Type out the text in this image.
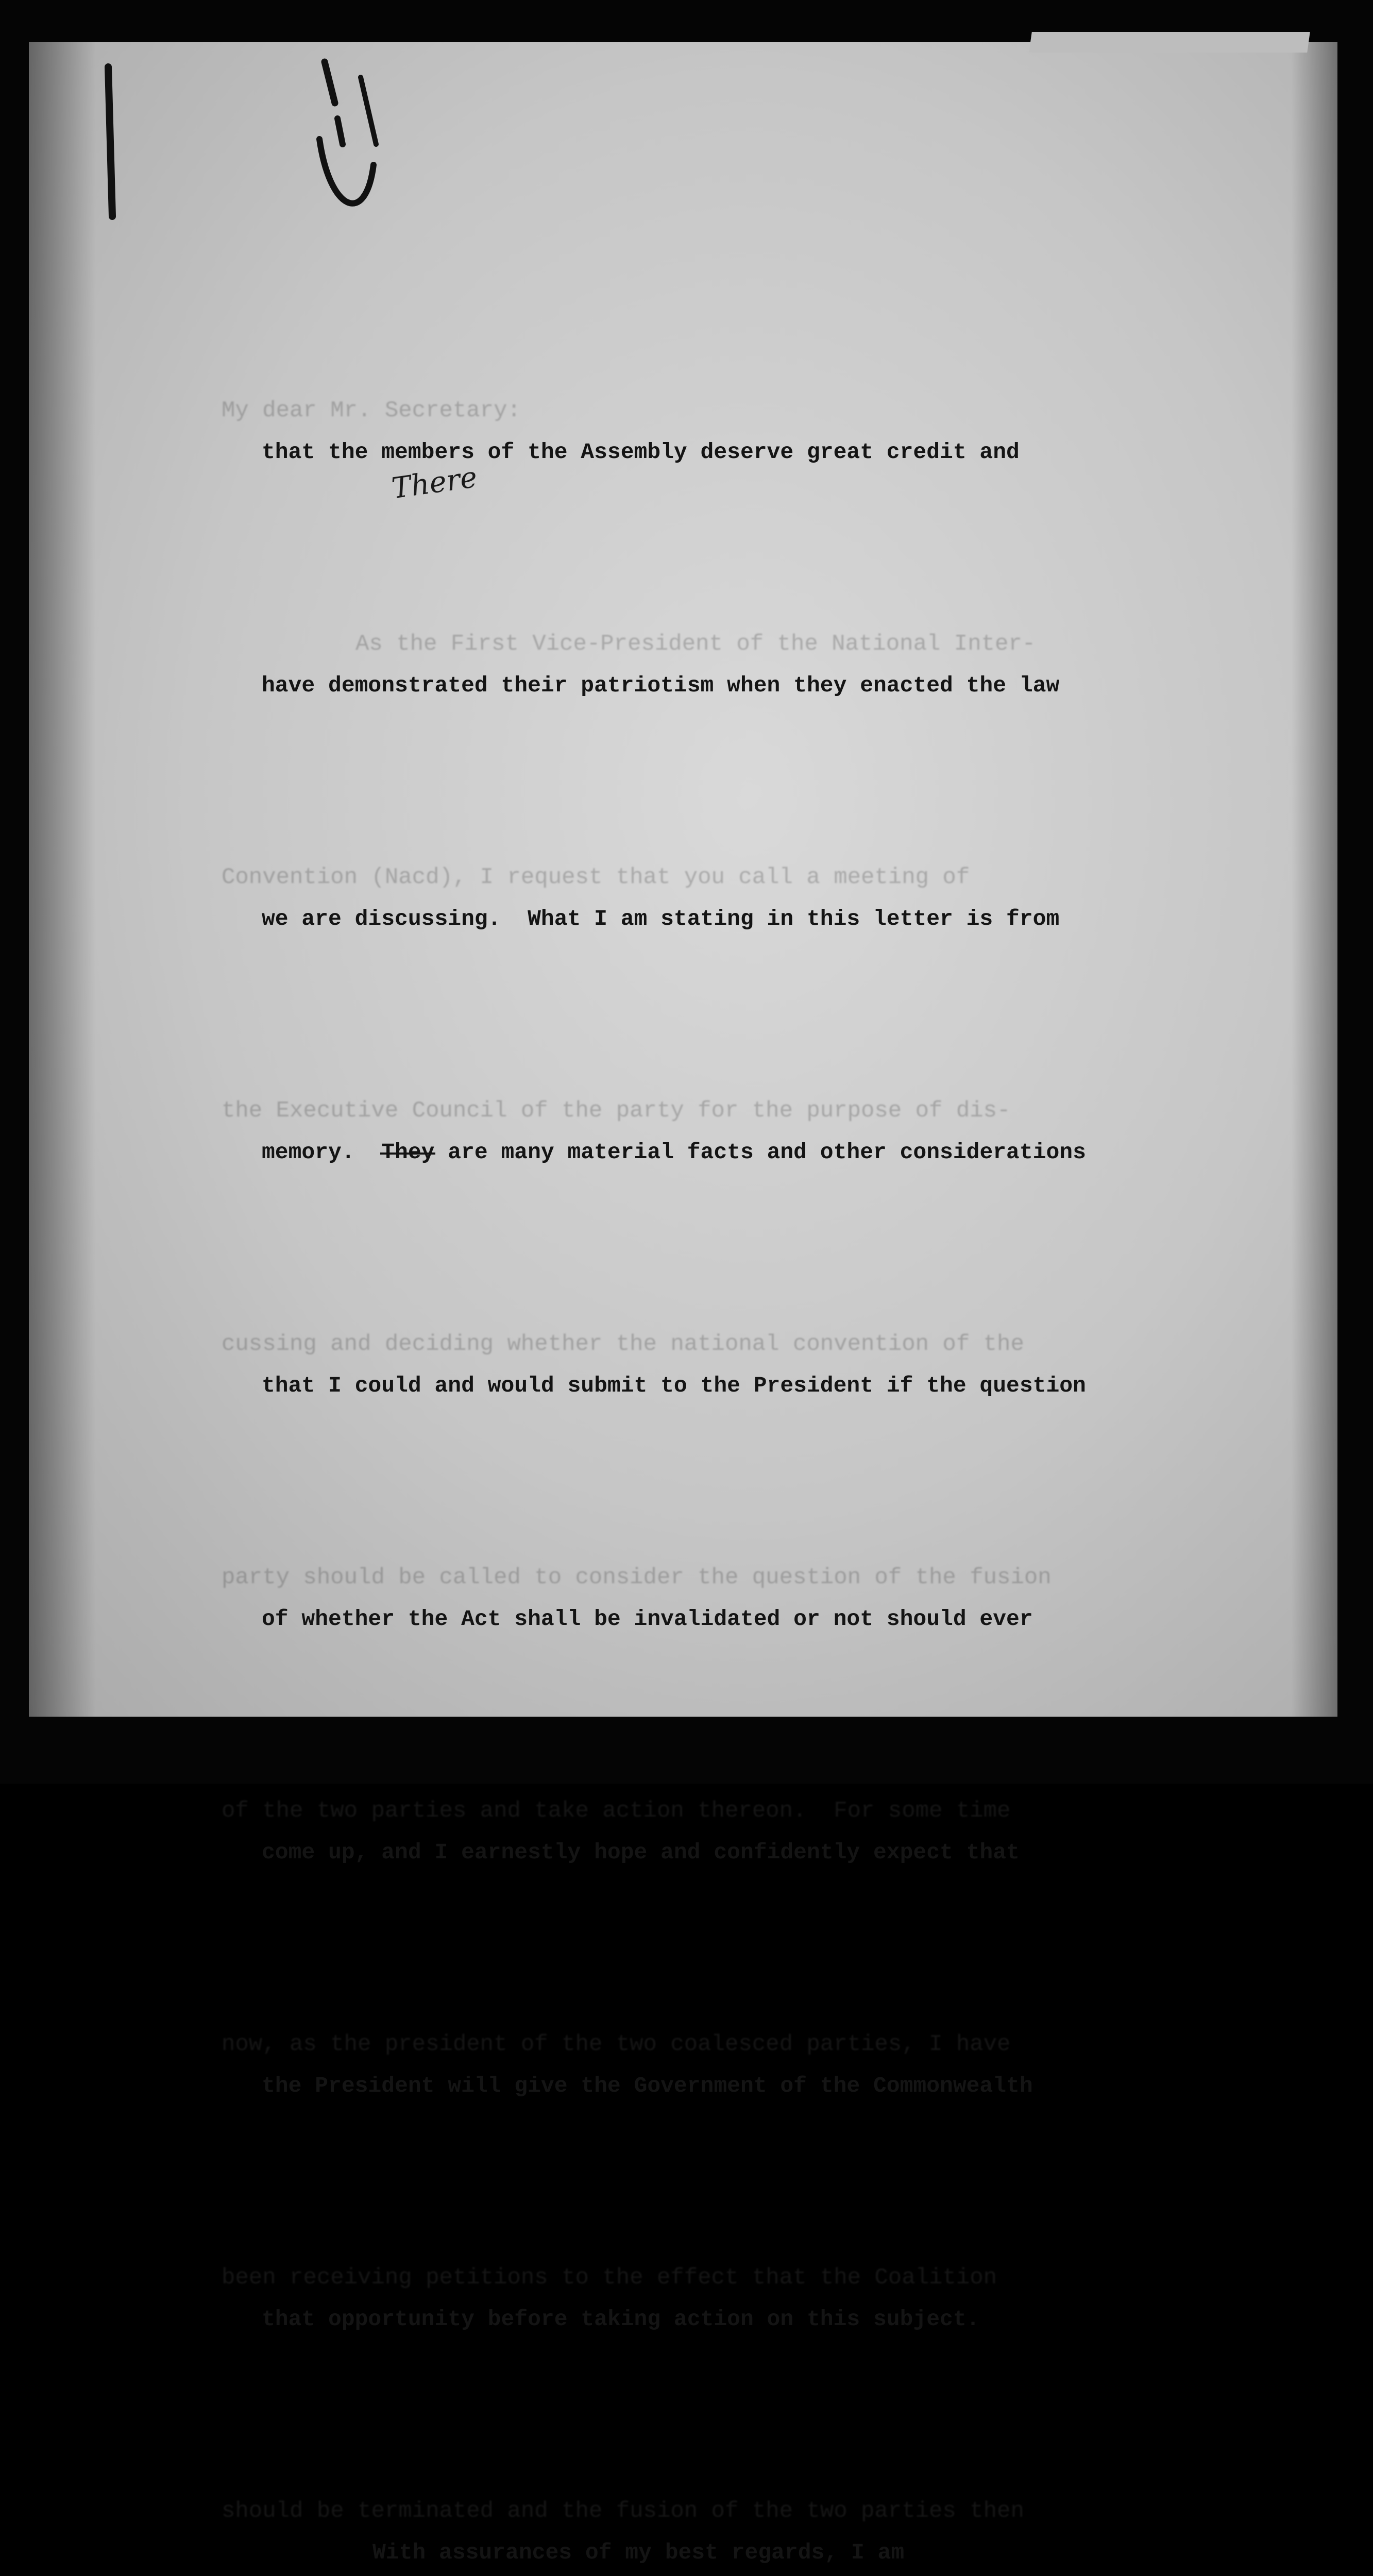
My dear Mr. Secretary:

As the First Vice-President of the National Inter-

Convention (Nacd), I request that you call a meeting of

the Executive Council of the party for the purpose of dis-

cussing and deciding whether the national convention of the

party should be called to consider the question of the fusion

of the two parties and take action thereon.  For some time

now, as the president of the two coalesced parties, I have

been receiving petitions to the effect that the Coalition

should be terminated and the fusion of the two parties then

that the members of the Assembly deserve great credit and

have demonstrated their patriotism when they enacted the law

we are discussing.  What I am stating in this letter is from

memory.  They are many material facts and other considerations

that I could and would submit to the President if the question

of whether the Act shall be invalidated or not should ever

come up, and I earnestly hope and confidently expect that

the President will give the Government of the Commonwealth

that opportunity before taking action on this subject.

With assurances of my best regards, I am

There
